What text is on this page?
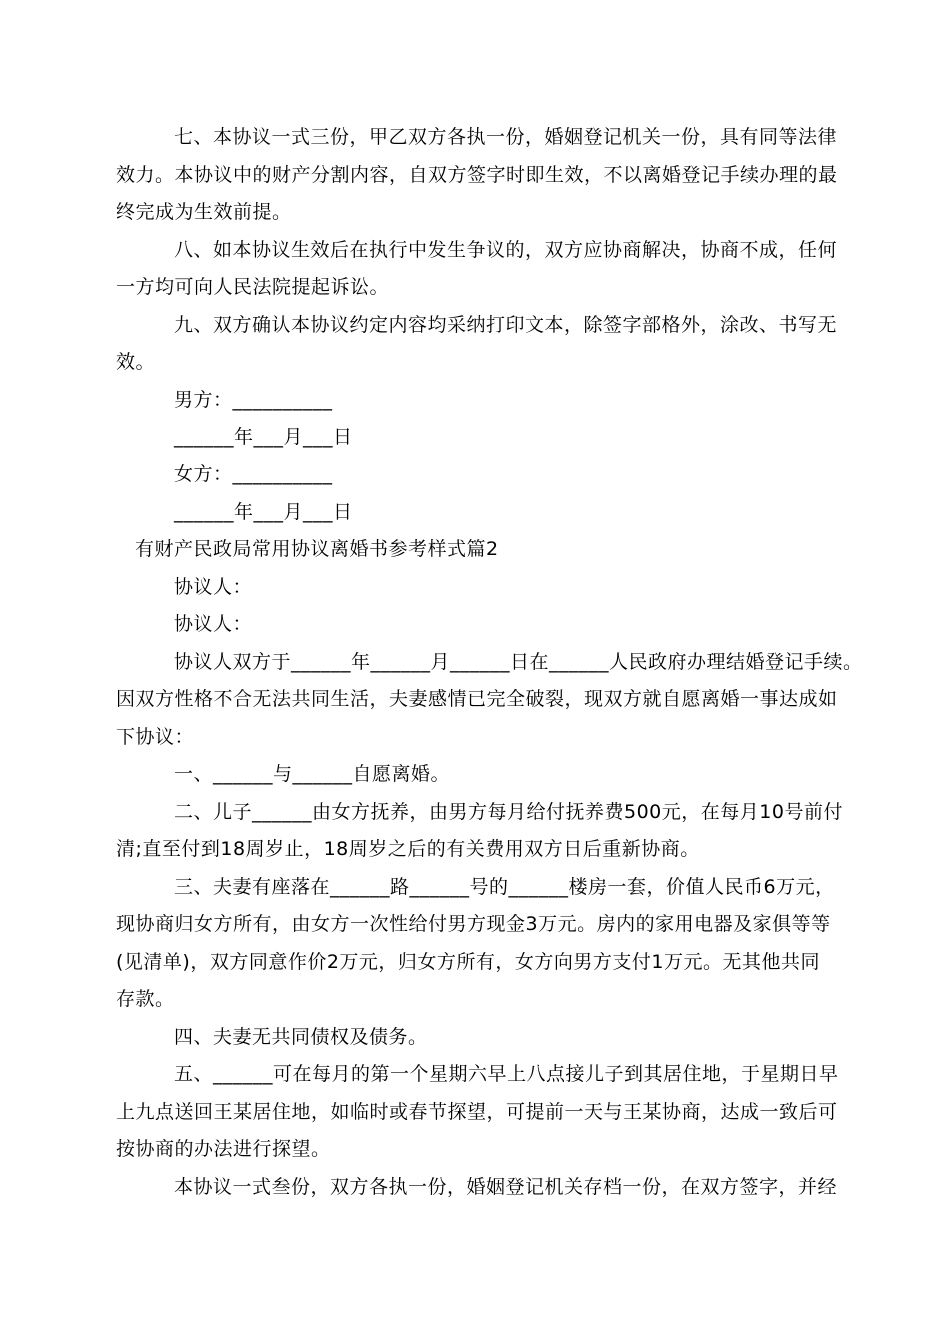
七、本协议一式三份，甲乙双方各执一份，婚姻登记机关一份，具有同等法律
效力。本协议中的财产分割内容，自双方签字时即生效，不以离婚登记手续办理的最
终完成为生效前提。
八、如本协议生效后在执行中发生争议的，双方应协商解决，协商不成，任何
一方均可向人民法院提起诉讼。
九、双方确认本协议约定内容均采纳打印文本，除签字部格外，涂改、书写无
效。
男方：__________
______年___月___日
女方：__________
______年___月___日
有财产民政局常用协议离婚书参考样式篇2
协议人：
协议人：
协议人双方于______年______月______日在______人民政府办理结婚登记手续。
因双方性格不合无法共同生活，夫妻感情已完全破裂，现双方就自愿离婚一事达成如
下协议：
一、______与______自愿离婚。
二、儿子______由女方抚养，由男方每月给付抚养费500元，在每月10号前付
清;直至付到18周岁止，18周岁之后的有关费用双方日后重新协商。
三、夫妻有座落在______路______号的______楼房一套，价值人民币6万元，
现协商归女方所有，由女方一次性给付男方现金3万元。房内的家用电器及家俱等等
(见清单)，双方同意作价2万元，归女方所有，女方向男方支付1万元。无其他共同
存款。
四、夫妻无共同债权及债务。
五、______可在每月的第一个星期六早上八点接儿子到其居住地，于星期日早
上九点送回王某居住地，如临时或春节探望，可提前一天与王某协商，达成一致后可
按协商的办法进行探望。
本协议一式叁份，双方各执一份，婚姻登记机关存档一份，在双方签字，并经
